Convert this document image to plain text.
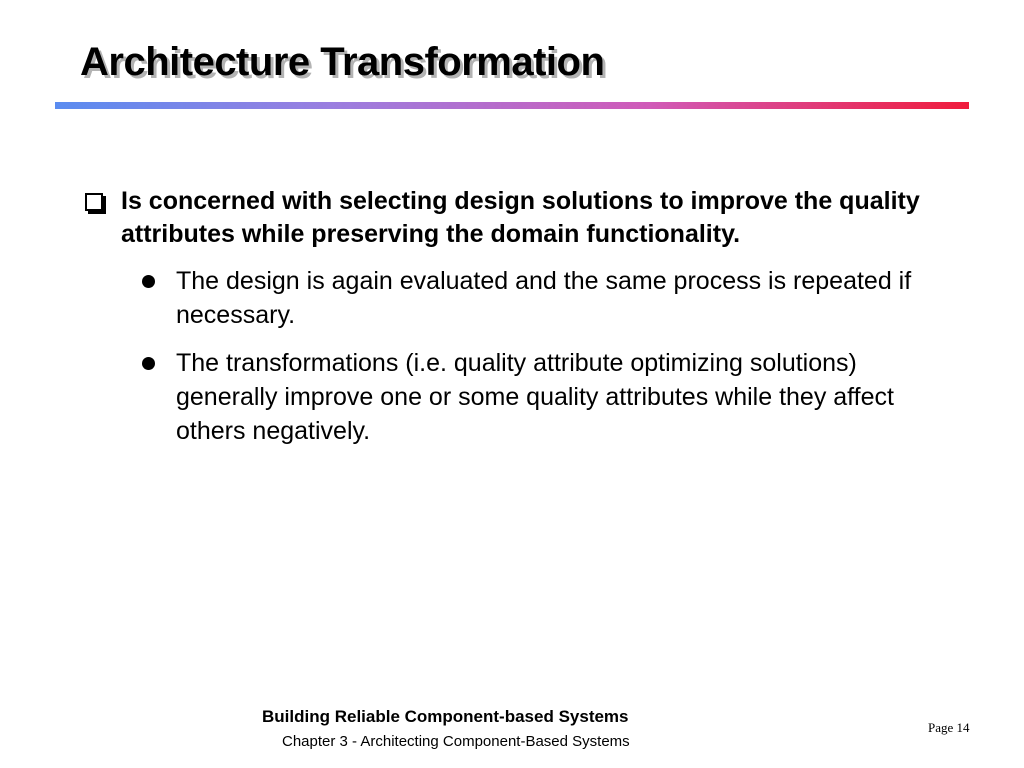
Architecture Transformation
Is concerned with selecting design solutions to improve the quality attributes while preserving the domain functionality.
The design is again evaluated and the same process is repeated if necessary.
The transformations (i.e. quality attribute optimizing solutions) generally improve one or some quality attributes while they affect others negatively.
Building Reliable Component-based Systems
Chapter 3 - Architecting Component-Based Systems
Page 14
